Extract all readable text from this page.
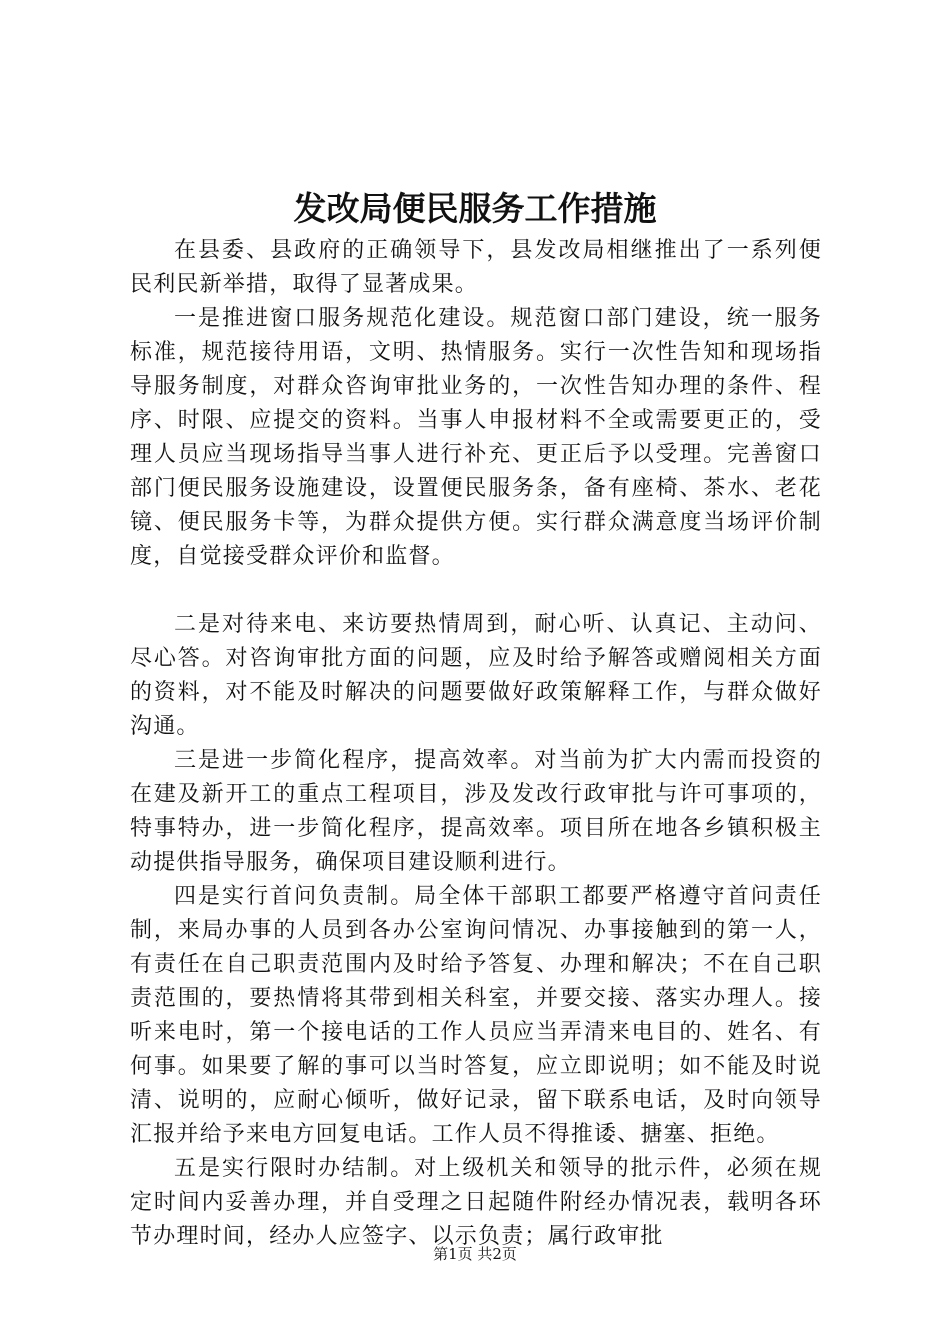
发改局便民服务工作措施

在县委、县政府的正确领导下，县发改局相继推出了一系列便民利民新举措，取得了显著成果。

一是推进窗口服务规范化建设。规范窗口部门建设，统一服务标准，规范接待用语，文明、热情服务。实行一次性告知和现场指导服务制度，对群众咨询审批业务的，一次性告知办理的条件、程序、时限、应提交的资料。当事人申报材料不全或需要更正的，受理人员应当现场指导当事人进行补充、更正后予以受理。完善窗口部门便民服务设施建设，设置便民服务条，备有座椅、茶水、老花镜、便民服务卡等，为群众提供方便。实行群众满意度当场评价制度，自觉接受群众评价和监督。

二是对待来电、来访要热情周到，耐心听、认真记、主动问、尽心答。对咨询审批方面的问题，应及时给予解答或赠阅相关方面的资料，对不能及时解决的问题要做好政策解释工作，与群众做好沟通。

三是进一步简化程序，提高效率。对当前为扩大内需而投资的在建及新开工的重点工程项目，涉及发改行政审批与许可事项的，特事特办，进一步简化程序，提高效率。项目所在地各乡镇积极主动提供指导服务，确保项目建设顺利进行。

四是实行首问负责制。局全体干部职工都要严格遵守首问责任制，来局办事的人员到各办公室询问情况、办事接触到的第一人，有责任在自己职责范围内及时给予答复、办理和解决；不在自己职责范围的，要热情将其带到相关科室，并要交接、落实办理人。接听来电时，第一个接电话的工作人员应当弄清来电目的、姓名、有何事。如果要了解的事可以当时答复，应立即说明；如不能及时说清、说明的，应耐心倾听，做好记录，留下联系电话，及时向领导汇报并给予来电方回复电话。工作人员不得推诿、搪塞、拒绝。

五是实行限时办结制。对上级机关和领导的批示件，必须在规定时间内妥善办理，并自受理之日起随件附经办情况表，载明各环节办理时间，经办人应签字、以示负责；属行政审批

第1页 共2页
